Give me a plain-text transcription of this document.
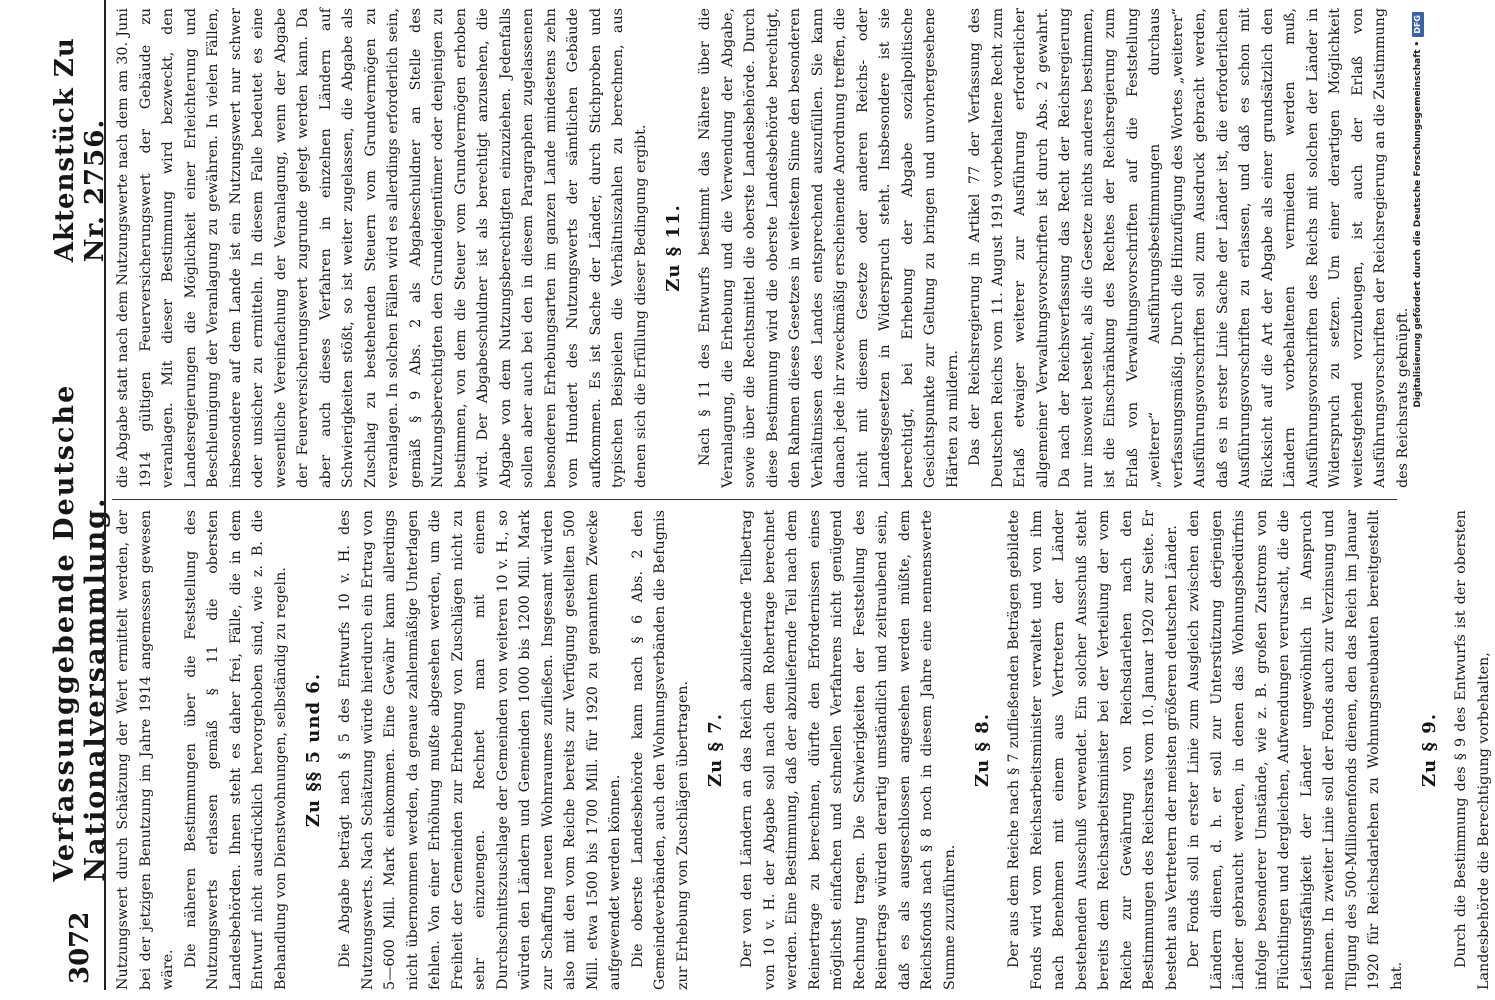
3072
Verfassunggebende Deutsche Nationalversammlung.
Aktenstück Zu Nr. 2756.

Nutzungswert durch Schätzung der Wert ermittelt werden, der bei der jetzigen Benutzung im Jahre 1914 angemessen gewesen wäre.

Die näheren Bestimmungen über die Feststellung des Nutzungswerts erlassen gemäß § 11 die obersten Landesbehörden. Ihnen steht es daher frei, Fälle, die in dem Entwurf nicht ausdrücklich hervorgehoben sind, wie z. B. die Behandlung von Dienstwohnungen, selbständig zu regeln. Zu §§ 5 und 6. Die Abgabe beträgt nach § 5 des Entwurfs 10 v. H. des Nutzungswerts. Nach Schätzung würde hierdurch ein Ertrag von 5—600 Mill. Mark einkommen. Eine Gewähr kann allerdings nicht übernommen werden, da genaue zahlenmäßige Unterlagen fehlen. Von einer Erhöhung mußte abgesehen werden, um die Freiheit der Gemeinden zur Erhebung von Zuschlägen nicht zu sehr einzuengen. Rechnet man mit einem Durchschnittszuschlage der Gemeinden von weiteren 10 v. H., so würden den Ländern und Gemeinden 1000 bis 1200 Mill. Mark zur Schaffung neuen Wohnraumes zufließen. Insgesamt würden also mit den vom Reiche bereits zur Verfügung gestellten 500 Mill. etwa 1500 bis 1700 Mill. für 1920 zu genanntem Zwecke aufgewendet werden können. Die oberste Landesbehörde kann nach § 6 Abs. 2 den Gemeindeverbänden, auch den Wohnungsverbänden die Befugnis zur Erhebung von Zuschlägen übertragen. Zu § 7. Der von den Ländern an das Reich abzuliefernde Teilbetrag von 10 v. H. der Abgabe soll nach dem Rohertrage berechnet werden. Eine Bestimmung, daß der abzuliefernde Teil nach dem Reinertrage zu berechnen, dürfte den Erfordernissen eines möglichst einfachen und schnellen Verfahrens nicht genügend Rechnung tragen. Die Schwierigkeiten der Feststellung des Reinertrags würden derartig umständlich und zeitraubend sein, daß es als ausgeschlossen angesehen werden müßte, dem Reichsfonds nach § 8 noch in diesem Jahre eine nennenswerte Summe zuzuführen.

Zu § 8. Der aus dem Reiche nach § 7 zufließenden Beträgen gebildete Fonds wird vom Reichsarbeitsminister verwaltet und von ihm nach Benehmen mit einem aus Vertretern der Länder bestehenden Ausschuß verwendet. Ein solcher Ausschuß steht bereits dem Reichsarbeitsminister bei der Verteilung der vom Reiche zur Gewährung von Reichsdarlehen nach den Bestimmungen des Reichsrats vom 10. Januar 1920 zur Seite. Er besteht aus Vertretern der meisten größeren deutschen Länder. Der Fonds soll in erster Linie zum Ausgleich zwischen den Ländern dienen, d. h. er soll zur Unterstützung derjenigen Länder gebraucht werden, in denen das Wohnungsbedürfnis infolge besonderer Umstände, wie z. B. großen Zustroms von Flüchtlingen und dergleichen, Aufwendungen verursacht, die die Leistungsfähigkeit der Länder ungewöhnlich in Anspruch nehmen. In zweiter Linie soll der Fonds auch zur Verzinsung und Tilgung des 500-Millionenfonds dienen, den das Reich im Januar 1920 für Reichsdarlehen zu Wohnungsneubauten bereitgestellt hat.

Zu § 9. Durch die Bestimmung des § 9 des Entwurfs ist der obersten Landesbehörde die Berechtigung vorbehalten,

die Abgabe statt nach dem Nutzungswerte nach dem am 30. Juni 1914 gültigen Feuerversicherungswert der Gebäude zu veranlagen. Mit dieser Bestimmung wird bezweckt, den Landesregierungen die Möglichkeit einer Erleichterung und Beschleunigung der Veranlagung zu gewähren. In vielen Fällen, insbesondere auf dem Lande ist ein Nutzungswert nur schwer oder unsicher zu ermitteln. In diesem Falle bedeutet es eine wesentliche Vereinfachung der Veranlagung, wenn der Abgabe der Feuerversicherungswert zugrunde gelegt werden kann. Da aber auch dieses Verfahren in einzelnen Ländern auf Schwierigkeiten stößt, so ist weiter zugelassen, die Abgabe als Zuschlag zu bestehenden Steuern vom Grundvermögen zu veranlagen. In solchen Fällen wird es allerdings erforderlich sein, gemäß § 9 Abs. 2 als Abgabeschuldner an Stelle des Nutzungsberechtigten den Grundeigentümer oder denjenigen zu bestimmen, von dem die Steuer vom Grundvermögen erhoben wird. Der Abgabeschuldner ist als berechtigt anzusehen, die Abgabe von dem Nutzungsberechtigten einzuziehen. Jedenfalls sollen aber auch bei den in diesem Paragraphen zugelassenen besonderen Erhebungsarten im ganzen Lande mindestens zehn vom Hundert des Nutzungswerts der sämtlichen Gebäude aufkommen. Es ist Sache der Länder, durch Stichproben und typischen Beispielen die Verhältniszahlen zu berechnen, aus denen sich die Erfüllung dieser Bedingung ergibt. Zu § 11. Nach § 11 des Entwurfs bestimmt das Nähere über die Veranlagung, die Erhebung und die Verwendung der Abgabe, sowie über die Rechtsmittel die oberste Landesbehörde. Durch diese Bestimmung wird die oberste Landesbehörde berechtigt, den Rahmen dieses Gesetzes in weitestem Sinne den besonderen Verhältnissen des Landes entsprechend auszufüllen. Sie kann danach jede ihr zweckmäßig erscheinende Anordnung treffen, die nicht mit diesem Gesetze oder anderen Reichs- oder Landesgesetzen in Widerspruch steht. Insbesondere ist sie berechtigt, bei Erhebung der Abgabe sozialpolitische Gesichtspunkte zur Geltung zu bringen und unvorhergesehene Härten zu mildern. Das der Reichsregierung in Artikel 77 der Verfassung des Deutschen Reichs vom 11. August 1919 vorbehaltene Recht zum Erlaß etwaiger weiterer zur Ausführung erforderlicher allgemeiner Verwaltungsvorschriften ist durch Abs. 2 gewahrt. Da nach der Reichsverfassung das Recht der Reichsregierung nur insoweit besteht, als die Gesetze nichts anderes bestimmen, ist die Einschränkung des Rechtes der Reichsregierung zum Erlaß von Verwaltungsvorschriften auf die Feststellung „weiterer“ Ausführungsbestimmungen durchaus verfassungsmäßig. Durch die Hinzufügung des Wortes „weiterer“ Ausführungsvorschriften soll zum Ausdruck gebracht werden, daß es in erster Linie Sache der Länder ist, die erforderlichen Ausführungsvorschriften zu erlassen, und daß es schon mit Rücksicht auf die Art der Abgabe als einer grundsätzlich den Ländern vorbehaltenen vermieden werden muß, Ausführungsvorschriften des Reichs mit solchen der Länder in Widerspruch zu setzen. Um einer derartigen Möglichkeit weitestgehend vorzubeugen, ist auch der Erlaß von Ausführungsvorschriften der Reichsregierung an die Zustimmung des Reichsrats geknüpft. Digitalisierung gefördert durch die Deutsche Forschungsgemeinschaft •
DFG
